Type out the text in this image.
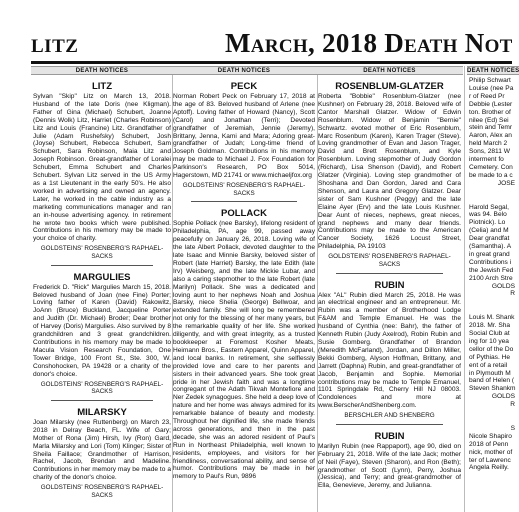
LITZ	March, 2018 Death Not
DEATH NOTICES
LITZ
Sylvan "Skip" Litz on March 13, 2018. Husband of the late Doris (nee Kligman). Father of Gina (Michael) Schubert, Joanne (Dennis Wolk) Litz, Harriet (Charles Robinson) Litz and Louis (Francine) Litz. Grandfather of Julie (Adam Rushefsky) Schubert, Josh (Joyse) Schubert, Rebecca Schubert, Sam Schubert, Sara Robinson, Maia Litz and Joseph Robinson. Great-grandfather of Loralei Schubert, Emma Schubert and Charles Schubert. Sylvan Litz served in the US Army as a 1st Lieutenant in the early 50's. He also worked in advertising and owned an agency. Later, he worked in the cable industry as a marketing communications manager and ran an in-house advertising agency. In retirement he wrote two books which were published. Contributions in his memory may be made to your choice of charity.
GOLDSTEINS' ROSENBERG'S RAPHAEL-SACKS
MARGULIES
Frederick D. "Rick" Margulies March 15, 2018. Beloved husband of Joan (nee Fine) Porter; Loving father of Karen (David) Rakowitz, JoAnn (Bruce) Buckland, Jacqueline Porter and Judith (Dr. Michael) Broder; Dear brother of Harvey (Doris) Margulies. Also survived by 8 grandchildren and 3 great grandchildren. Contributions in his memory may be made to Macula Vision Research Foundation, One Tower Bridge, 100 Front St., Ste. 300, W. Conshohocken, PA 19428 or a charity of the donor's choice.
GOLDSTEINS' ROSENBERG'S RAPHAEL-SACKS
MILARSKY
Joan Milarsky (nee Ruttenberg) on March 23, 2018 in Delray Beach, FL. Wife of Gary; Mother of Rona (Jim) Hirsh, Ivy (Ron) Gard, Marla Milarsky and Lori (Tom) Klinger; Sister of Sheila Faillace; Grandmother of Harrison, Rachel, Jacob, Brendan and Madeline. Contributions in her memory may be made to a charity of the donor's choice.
GOLDSTEINS' ROSENBERG'S RAPHAEL-SACKS
DEATH NOTICES
PECK
Norman Robert Peck on February 17, 2018 at the age of 83. Beloved husband of Arlene (nee Aptoff). Loving father of Howard (Nancy), Scott (Carol) and Jonathan (Terri); Devoted grandfather of Jeremiah, Jennie (Jeremy), Brittany, Jenna, Kami and Mara; Adoring great-grandfather of Judah; Long-time friend of Joseph Goldman. Contributions in his memory may be made to Michael J. Fox Foundation for Parkinson's Research, PO Box 5014, Hagerstown, MD 21741 or www.michaeljfox.org
GOLDSTEINS' ROSENBERG'S RAPHAEL-SACKS
POLLACK
Sophie Pollack (nee Barsky), lifelong resident of Philadelphia, PA, age 99, passed away peacefully on January 26, 2018. Loving wife of the late Albert Pollack, devoted daughter to the late Isaac and Minnie Barsky, beloved sister of Robert (late Harriet) Barsky, the late Edith (late Irv) Weisberg, and the late Mickie Lubar, and also a caring stepmother to the late Robert (late Marilyn) Pollack. She was a dedicated and loving aunt to her nephews Noah and Joshua Barsky, niece Shelia (George) Bellwoar, and extended family. She will long be remembered not only for the blessing of her many years, but the remarkable quality of her life. She worked diligently, and with great integrity, as a trusted bookkeeper at Foremost Kosher Meats, Heimann Bros., Eastern Apparel, Quinn Apparel, and local banks. In retirement, she selflessly provided love and care to her parents and sisters in their advanced years. She took great pride in her Jewish faith and was a longtime congregant of the Adath Tikvah Montefiore and Ner Zedek synagogues. She held a deep love of nature and her home was always admired for its remarkable balance of beauty and modesty. Throughout her dignified life, she made friends across generations, and then in the past decade, she was an adored resident of Paul's Run in Northeast Philadelphia, well known to residents, employees, and visitors for her friendliness, conversational ability, and sense of humor. Contributions may be made in her memory to Paul's Run, 9896
DEATH NOTICES
ROSENBLUM-GLATZER
Roberta "Bobbie" Rosenblum-Glatzer (nee Kushner) on February 28, 2018. Beloved wife of Cantor Marshall Glatzer. Widow of Edwin Rosenblum. Widow of Benjamin "Bernie" Schwartz. evoted mother of Eric Rosenblum, Marc Rosenbum (Karen), Karen Trager (Steve). Loving grandmother of Evan and Jason Trager, David and Brett Rosenblum, and Kyle Rosenblum. Loving stepmother of Judy Gordon (Richard), Lisa Shenson (David), and Robert Glatzer (Virginia). Loving step grandmother of Shoshana and Dan Gordon, Jared and Cara Shenson, and Laura and Gregory Glatzer. Dear sister of Sam Kushner (Peggy) and the late Elaine Ayer (Erv) and the late Louis Kushner. Dear Aunt of nieces, nephews, great nieces, grand nephews and many dear friends. Contributions may be made to the American Cancer Society, 1626 Locust Street, Philadelphia, PA 19103
GOLDSTEINS' ROSENBERG'S RAPHAEL-SACKS
RUBIN
Alex "AL" Rubin died March 25, 2018. He was an electrical engineer and an entrepreneur. Mr. Rubin was a member of Brotherhood Lodge F&AM and Temple Emanuel. He was the husband of Cynthia (nee: Bahr), the father of Kenneth Rubin (Judy Axelrod), Robin Rubin and Susie Gomberg. Grandfather of Brandon (Meredith McFarland), Jordan, and Dillon Miller, Bekki Gomberg, Alyson Hoffman, Brittany, and Jarrett (Daphna) Rubin, and great-grandfather of Jacob, Benjamin and Sophie. Memorial contributions may be made to Temple Emanuel, 1101 Springdale Rd, Cherry Hill NJ 08003. Condolences and more at www.BerscherAndShenberg.com.
BERSCHLER AND SHENBERG
RUBIN
Marilyn Rubin (nee Rappaport), age 90, died on February 21, 2018. Wife of the late Jack; mother of Neil (Faye), Steven (Sharon), and Ron (Beth); grandmother of Scott (Lynn), Perry, Joshua (Jessica), and Terry; and great-grandmother of Ella, Genevieve, Jeremy, and Julianna.
DEATH NOTICES
Philip Schwart
Louise (nee Pa
r of Reed Pr
Debbie (Lester
ton. Brother of
nilee (Ed) Sei
stein and Temr
Aaron, Alex an
held March 2
Sons, 2811 W
interment fo
Cemetery. Con
be made to a c
JOSE

Harold Segal,
was 94. Belo
Piotnick). Lo
(Celia) and M
Dear grandfat
(Samantha). A
in great grand
Contributions i
the Jewish Fed
2100 Arch Stre
GOLDS
R

Louis M. Shank
2018. Mr. Sha
Social Club at
ing for 10 yea
cellor of the Do
of Pythias. He
ent of a retail
in Plymouth M
band of Helen (
Steven Shankm
GOLDS
R

S
Nicole Shapiro
2018 of Penn
nick, mother of
ter of Lawrenc
Angela Reilly.
